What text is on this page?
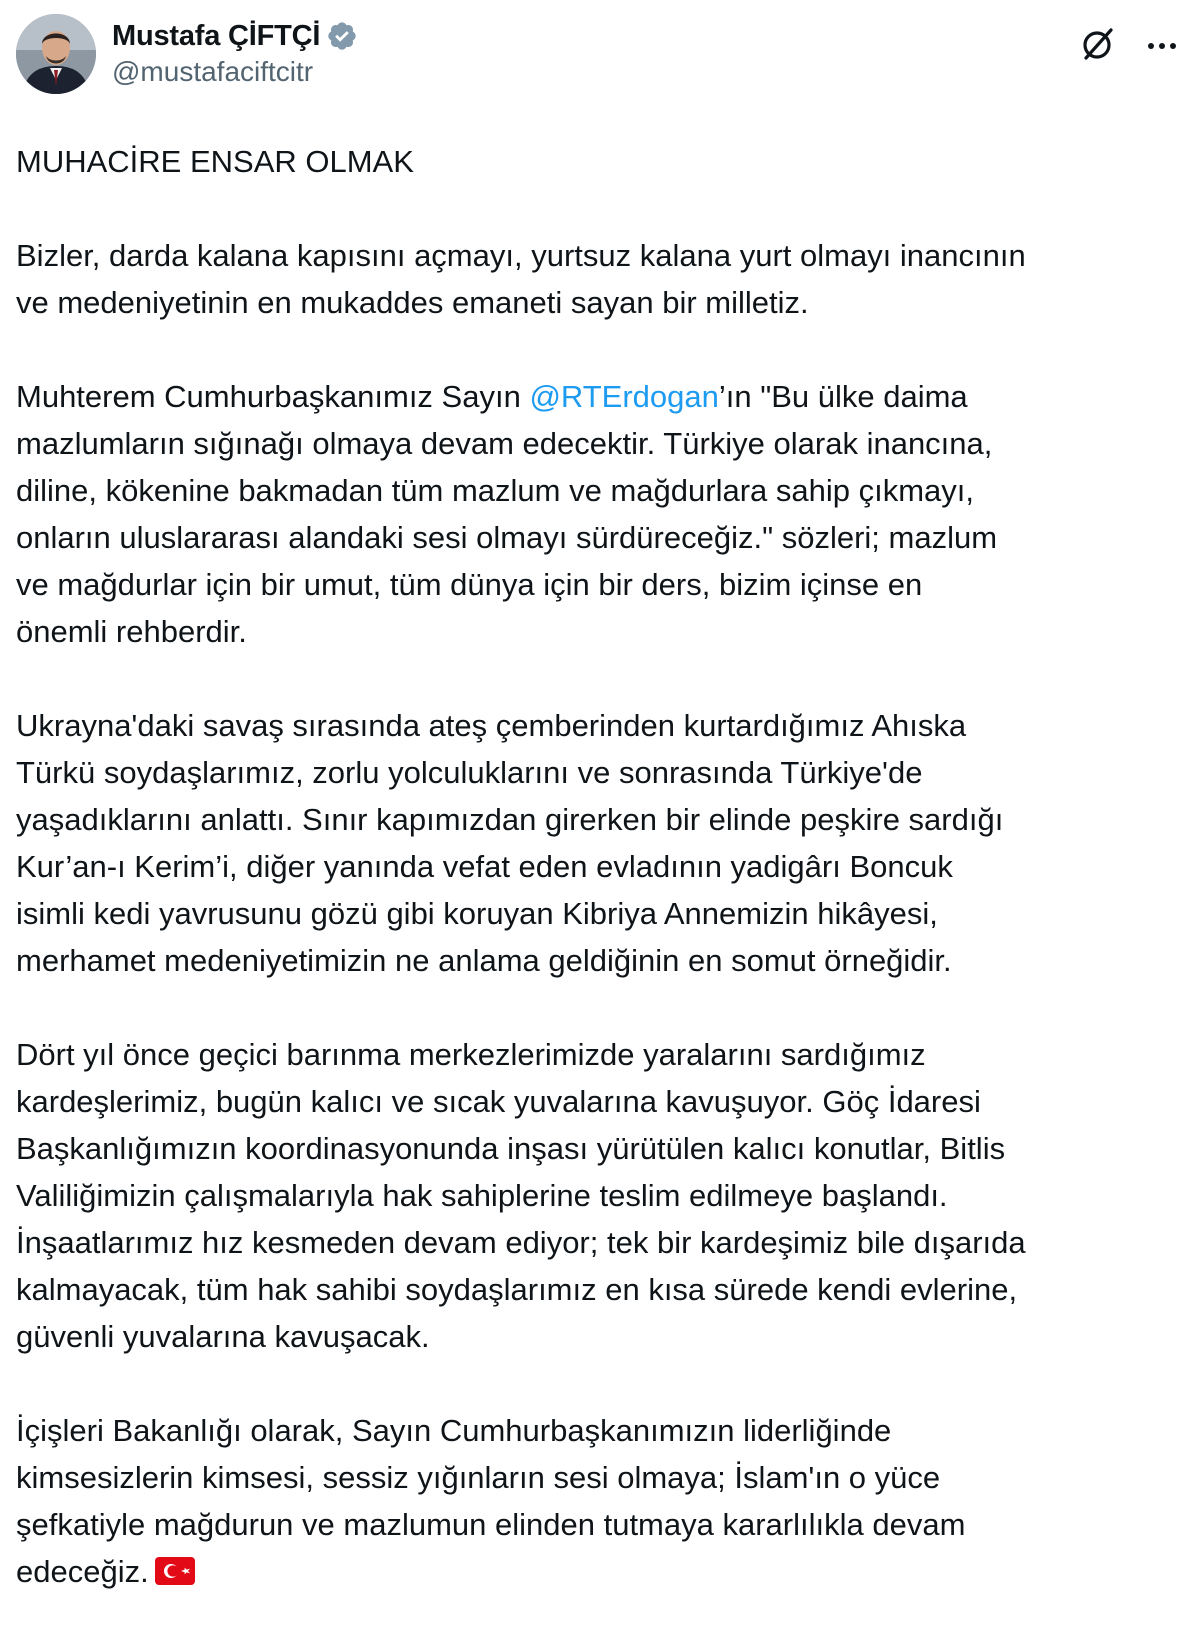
Mustafa ÇİFTÇİ
@mustafaciftcitr
MUHACİRE ENSAR OLMAK
Bizler, darda kalana kapısını açmayı, yurtsuz kalana yurt olmayı inancının
ve medeniyetinin en mukaddes emaneti sayan bir milletiz.
Muhterem Cumhurbaşkanımız Sayın @RTErdogan’ın "Bu ülke daima
mazlumların sığınağı olmaya devam edecektir. Türkiye olarak inancına,
diline, kökenine bakmadan tüm mazlum ve mağdurlara sahip çıkmayı,
onların uluslararası alandaki sesi olmayı sürdüreceğiz." sözleri; mazlum
ve mağdurlar için bir umut, tüm dünya için bir ders, bizim içinse en
önemli rehberdir.
Ukrayna'daki savaş sırasında ateş çemberinden kurtardığımız Ahıska
Türkü soydaşlarımız, zorlu yolculuklarını ve sonrasında Türkiye'de
yaşadıklarını anlattı. Sınır kapımızdan girerken bir elinde peşkire sardığı
Kur’an-ı Kerim’i, diğer yanında vefat eden evladının yadigârı Boncuk
isimli kedi yavrusunu gözü gibi koruyan Kibriya Annemizin hikâyesi,
merhamet medeniyetimizin ne anlama geldiğinin en somut örneğidir.
Dört yıl önce geçici barınma merkezlerimizde yaralarını sardığımız
kardeşlerimiz, bugün kalıcı ve sıcak yuvalarına kavuşuyor. Göç İdaresi
Başkanlığımızın koordinasyonunda inşası yürütülen kalıcı konutlar, Bitlis
Valiliğimizin çalışmalarıyla hak sahiplerine teslim edilmeye başlandı.
İnşaatlarımız hız kesmeden devam ediyor; tek bir kardeşimiz bile dışarıda
kalmayacak, tüm hak sahibi soydaşlarımız en kısa sürede kendi evlerine,
güvenli yuvalarına kavuşacak.
İçişleri Bakanlığı olarak, Sayın Cumhurbaşkanımızın liderliğinde
kimsesizlerin kimsesi, sessiz yığınların sesi olmaya; İslam'ın o yüce
şefkatiyle mağdurun ve mazlumun elinden tutmaya kararlılıkla devam
edeceğiz.
